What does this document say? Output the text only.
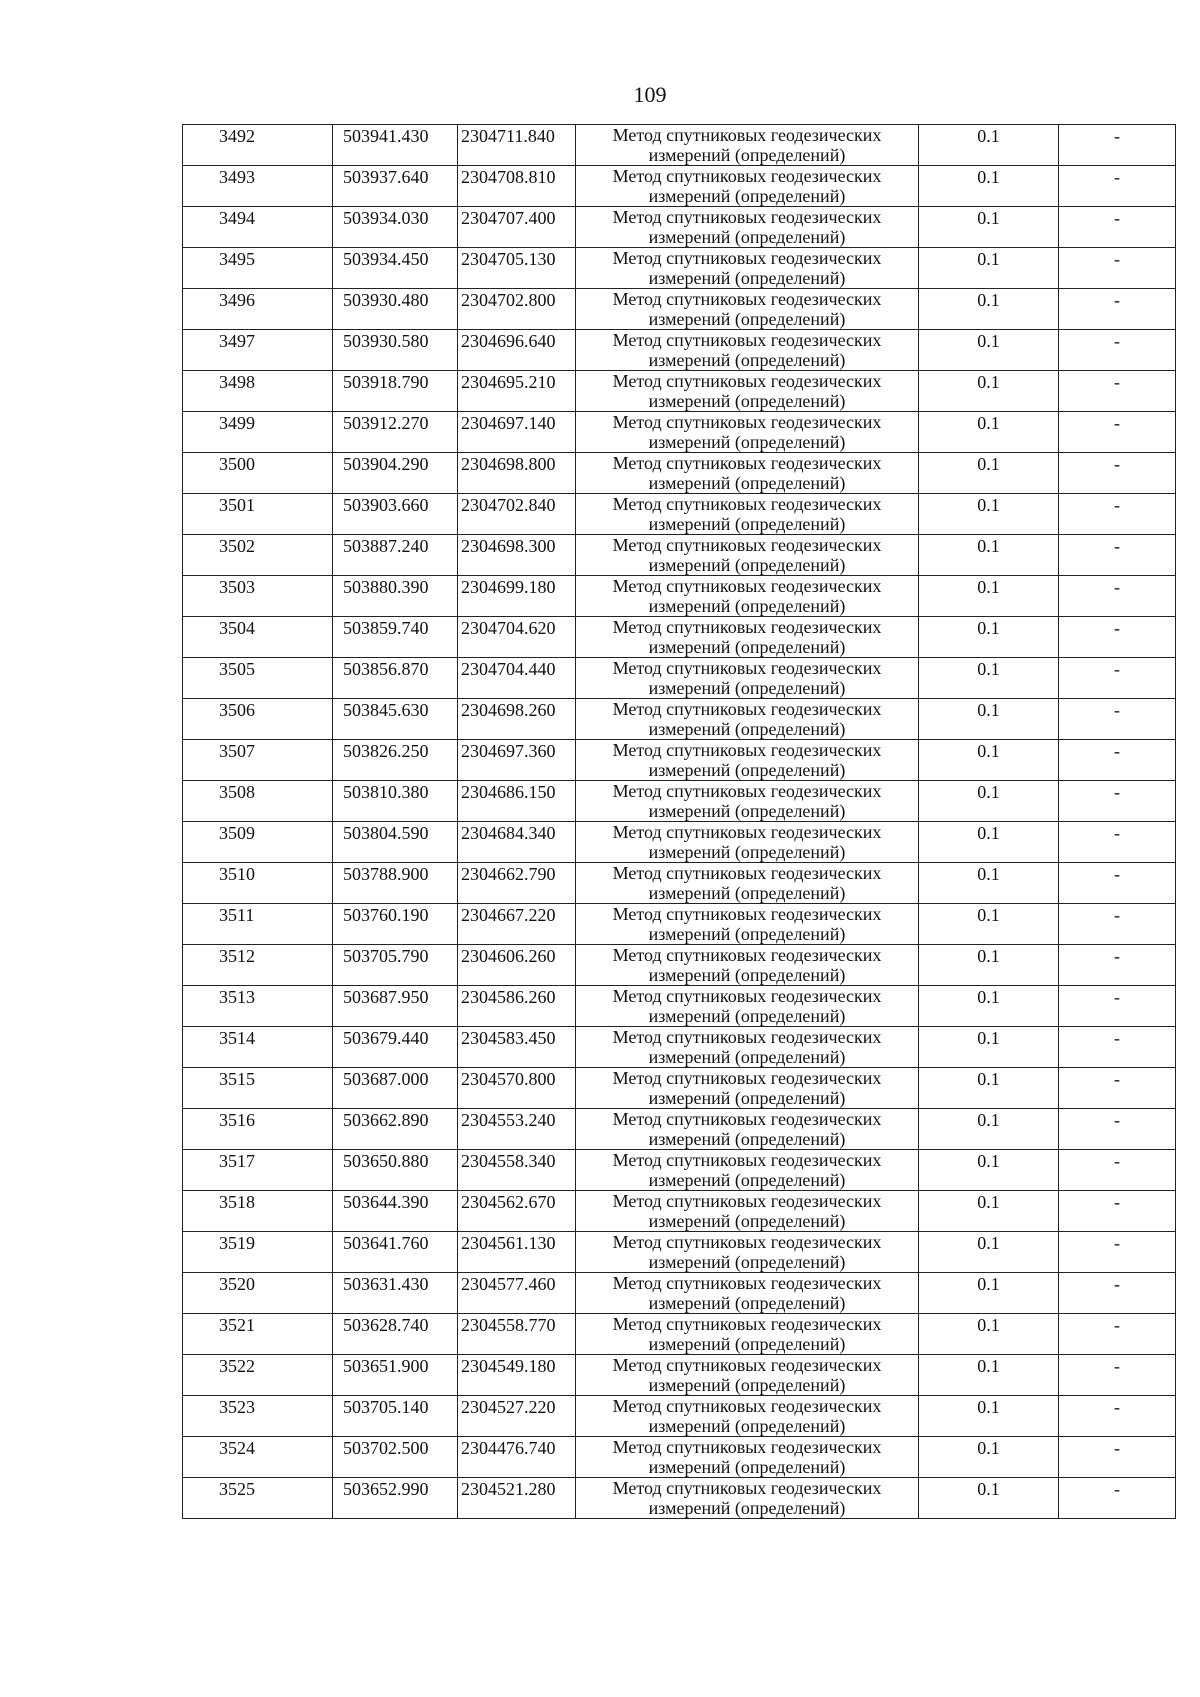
109
3492	503941.430	2304711.840	Метод спутниковых геодезических измерений (определений)	0.1	-

3493	503937.640	2304708.810	Метод спутниковых геодезических измерений (определений)	0.1	-

3494	503934.030	2304707.400	Метод спутниковых геодезических измерений (определений)	0.1	-

3495	503934.450	2304705.130	Метод спутниковых геодезических измерений (определений)	0.1	-

3496	503930.480	2304702.800	Метод спутниковых геодезических измерений (определений)	0.1	-

3497	503930.580	2304696.640	Метод спутниковых геодезических измерений (определений)	0.1	-

3498	503918.790	2304695.210	Метод спутниковых геодезических измерений (определений)	0.1	-

3499	503912.270	2304697.140	Метод спутниковых геодезических измерений (определений)	0.1	-

3500	503904.290	2304698.800	Метод спутниковых геодезических измерений (определений)	0.1	-

3501	503903.660	2304702.840	Метод спутниковых геодезических измерений (определений)	0.1	-

3502	503887.240	2304698.300	Метод спутниковых геодезических измерений (определений)	0.1	-

3503	503880.390	2304699.180	Метод спутниковых геодезических измерений (определений)	0.1	-

3504	503859.740	2304704.620	Метод спутниковых геодезических измерений (определений)	0.1	-

3505	503856.870	2304704.440	Метод спутниковых геодезических измерений (определений)	0.1	-

3506	503845.630	2304698.260	Метод спутниковых геодезических измерений (определений)	0.1	-

3507	503826.250	2304697.360	Метод спутниковых геодезических измерений (определений)	0.1	-

3508	503810.380	2304686.150	Метод спутниковых геодезических измерений (определений)	0.1	-

3509	503804.590	2304684.340	Метод спутниковых геодезических измерений (определений)	0.1	-

3510	503788.900	2304662.790	Метод спутниковых геодезических измерений (определений)	0.1	-

3511	503760.190	2304667.220	Метод спутниковых геодезических измерений (определений)	0.1	-

3512	503705.790	2304606.260	Метод спутниковых геодезических измерений (определений)	0.1	-

3513	503687.950	2304586.260	Метод спутниковых геодезических измерений (определений)	0.1	-

3514	503679.440	2304583.450	Метод спутниковых геодезических измерений (определений)	0.1	-

3515	503687.000	2304570.800	Метод спутниковых геодезических измерений (определений)	0.1	-

3516	503662.890	2304553.240	Метод спутниковых геодезических измерений (определений)	0.1	-

3517	503650.880	2304558.340	Метод спутниковых геодезических измерений (определений)	0.1	-

3518	503644.390	2304562.670	Метод спутниковых геодезических измерений (определений)	0.1	-

3519	503641.760	2304561.130	Метод спутниковых геодезических измерений (определений)	0.1	-

3520	503631.430	2304577.460	Метод спутниковых геодезических измерений (определений)	0.1	-

3521	503628.740	2304558.770	Метод спутниковых геодезических измерений (определений)	0.1	-

3522	503651.900	2304549.180	Метод спутниковых геодезических измерений (определений)	0.1	-

3523	503705.140	2304527.220	Метод спутниковых геодезических измерений (определений)	0.1	-

3524	503702.500	2304476.740	Метод спутниковых геодезических измерений (определений)	0.1	-

3525	503652.990	2304521.280	Метод спутниковых геодезических измерений (определений)	0.1	-
